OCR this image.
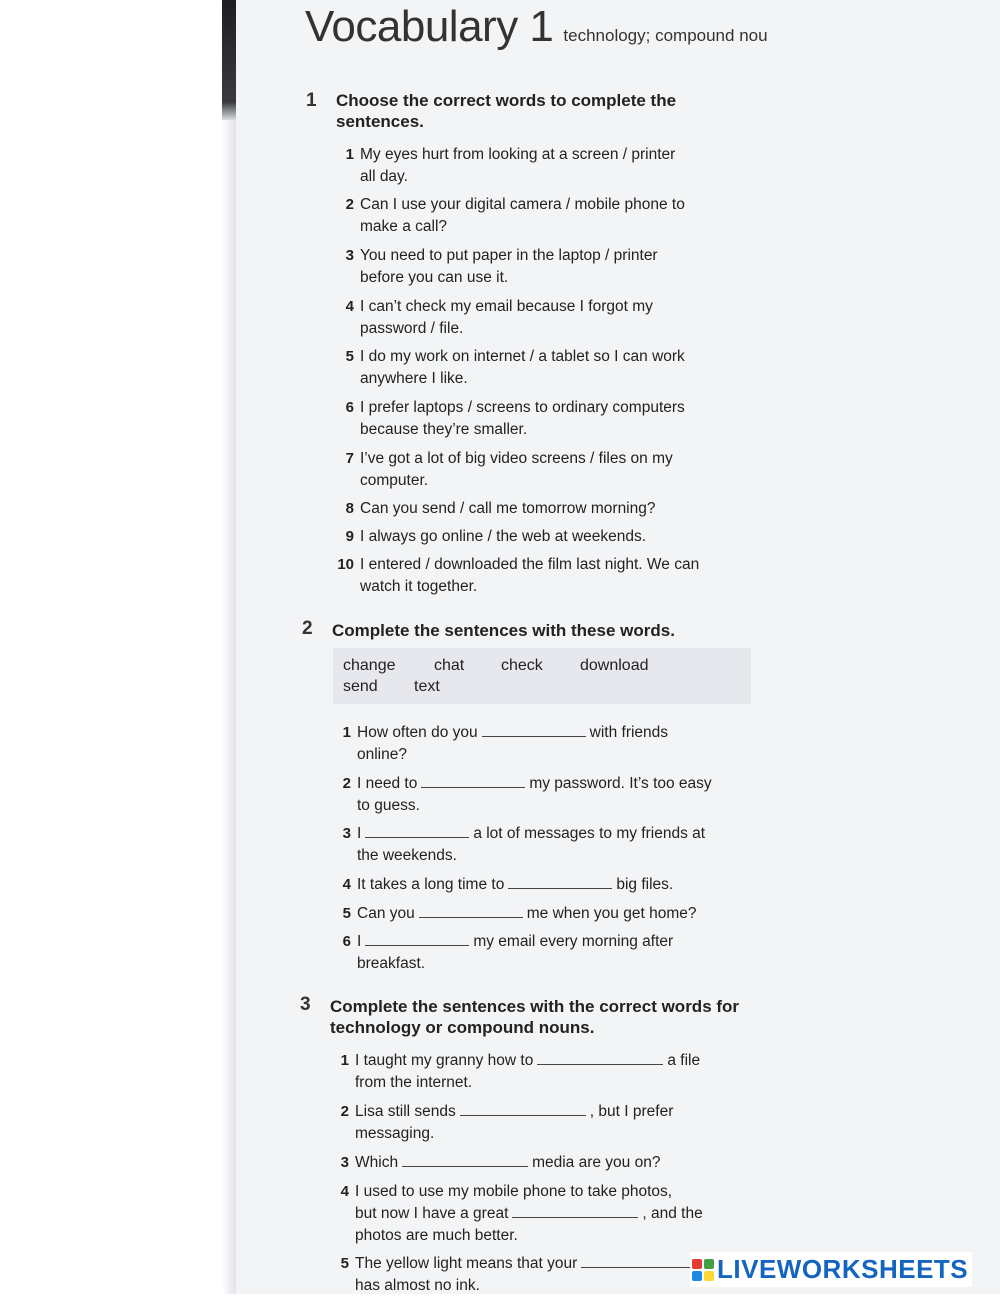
Vocabulary 1 technology; compound nou
1 Choose the correct words to complete the sentences.
1 My eyes hurt from looking at a screen / printer
all day.
2 Can I use your digital camera / mobile phone to
make a call?
3 You need to put paper in the laptop / printer
before you can use it.
4 I can’t check my email because I forgot my
password / file.
5 I do my work on internet / a tablet so I can work
anywhere I like.
6 I prefer laptops / screens to ordinary computers
because they’re smaller.
7 I’ve got a lot of big video screens / files on my
computer.
8 Can you send / call me tomorrow morning?
9 I always go online / the web at weekends.
10 I entered / downloaded the film last night. We can
watch it together.
2 Complete the sentences with these words.
change chat check download
send text
1 How often do you	with friends
online?
2 I need to	my password. It’s too easy
to guess.
3 I	a lot of messages to my friends at
the weekends.
4 It takes a long time to	big files.
5 Can you	me when you get home?
6 I	my email every morning after
breakfast.
3 Complete the sentences with the correct words for technology or compound nouns.
1 I taught my granny how to	a file
from the internet.
2 Lisa still sends	, but I prefer
messaging.
3 Which	media are you on?
4 I used to use my mobile phone to take photos,
but now I have a great	, and the
photos are much better.
5 The yellow light means that your
has almost no ink.
LIVEWORKSHEETS
